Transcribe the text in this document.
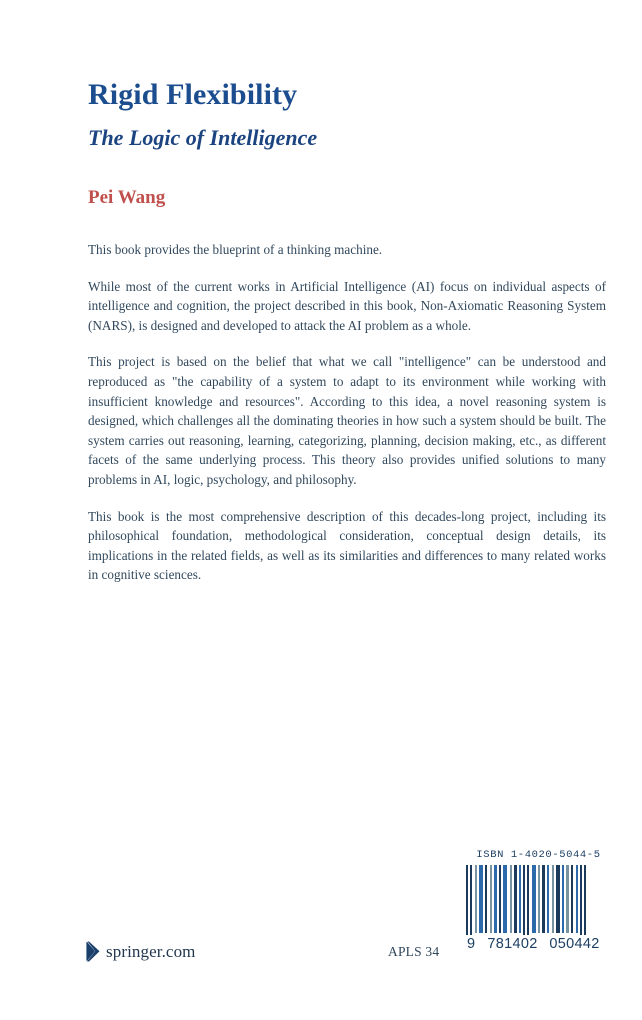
Rigid Flexibility
The Logic of Intelligence
Pei Wang

This book provides the blueprint of a thinking machine.

While most of the current works in Artificial Intelligence (AI) focus on individual aspects of intelligence and cognition, the project described in this book, Non-Axiomatic Reasoning System (NARS), is designed and developed to attack the AI problem as a whole.

This project is based on the belief that what we call "intelligence" can be understood and reproduced as "the capability of a system to adapt to its environment while working with insufficient knowledge and resources". According to this idea, a novel reasoning system is designed, which challenges all the dominating theories in how such a system should be built. The system carries out reasoning, learning, categorizing, planning, decision making, etc., as different facets of the same underlying process. This theory also provides unified solutions to many problems in AI, logic, psychology, and philosophy.

This book is the most comprehensive description of this decades-long project, including its philosophical foundation, methodological consideration, conceptual design details, its implications in the related fields, as well as its similarities and differences to many related works in cognitive sciences.

springer.com	APLS 34
ISBN 1-4020-5044-5
9 781402 050442
